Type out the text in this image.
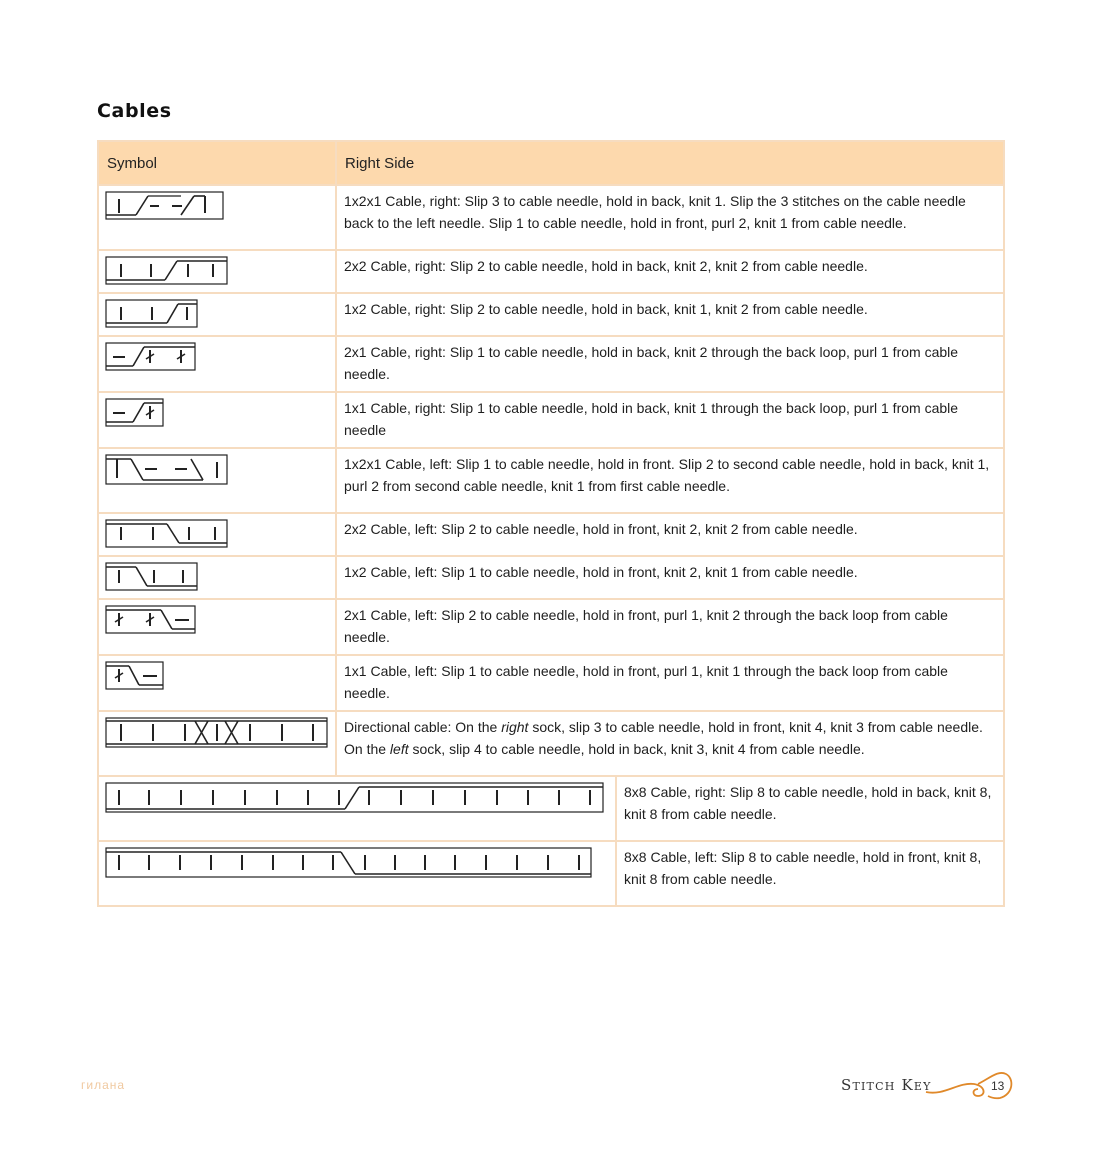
Cables
Symbol	Right Side	

	1x2x1 Cable, right: Slip 3 to cable needle, hold in back, knit 1. Slip the 3 stitches on the cable needle back to the left needle. Slip 1 to cable needle, hold in front, purl 2, knit 1 from cable needle.	

	2x2 Cable, right: Slip 2 to cable needle, hold in back, knit 2, knit 2 from cable needle.	

	1x2 Cable, right: Slip 2 to cable needle, hold in back, knit 1, knit 2 from cable needle.	

	2x1 Cable, right: Slip 1 to cable needle, hold in back, knit 2 through the back loop, purl 1 from cable needle.	

	1x1 Cable, right: Slip 1 to cable needle, hold in back, knit 1 through the back loop, purl 1 from cable needle	

	1x2x1 Cable, left: Slip 1 to cable needle, hold in front. Slip 2 to second cable needle, hold in back, knit 1, purl 2 from second cable needle, knit 1 from first cable needle.	

	2x2 Cable, left: Slip 2 to cable needle, hold in front, knit 2, knit 2 from cable needle.	

	1x2 Cable, left: Slip 1 to cable needle, hold in front, knit 2, knit 1 from cable needle.	

	2x1 Cable, left: Slip 2 to cable needle, hold in front, purl 1, knit 2 through the back loop from cable needle.	

	1x1 Cable, left: Slip 1 to cable needle, hold in front, purl 1, knit 1 through the back loop from cable needle.	

	Directional cable: On the right sock, slip 3 to cable needle, hold in front, knit 4, knit 3 from cable needle. On the left sock, slip 4 to cable needle, hold in back, knit 3, knit 4 from cable needle.	

	8x8 Cable, right: Slip 8 to cable needle, hold in back, knit 8, knit 8 from cable needle.

	8x8 Cable, left: Slip 8 to cable needle, hold in front, knit 8, knit 8 from cable needle.
гилана	Stitch Key	13
